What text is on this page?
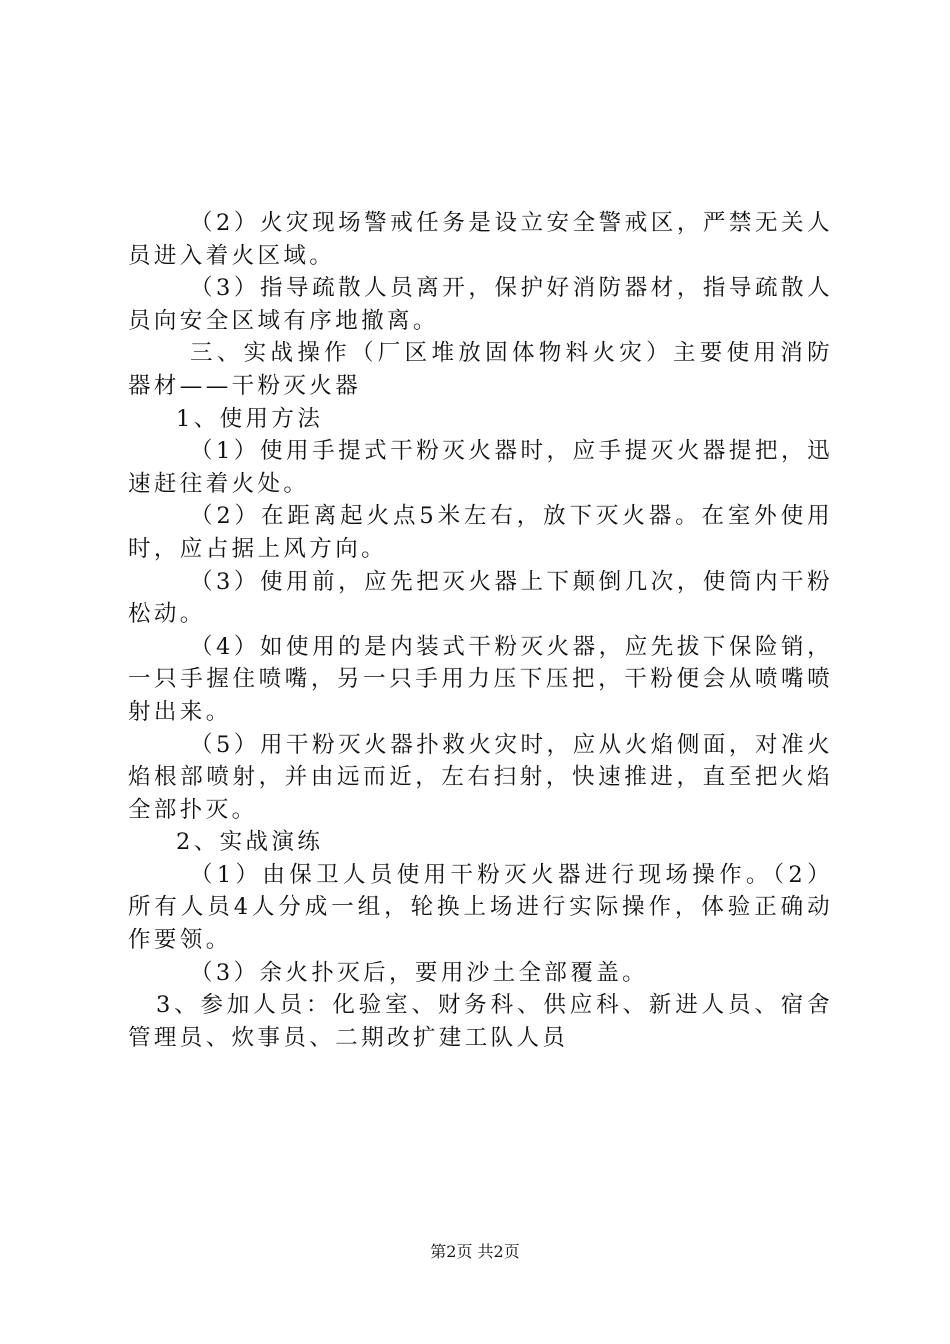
（2）火灾现场警戒任务是设立安全警戒区，严禁无关人员进入着火区域。

（3）指导疏散人员离开，保护好消防器材，指导疏散人员向安全区域有序地撤离。

三、实战操作（厂区堆放固体物料火灾）主要使用消防器材——干粉灭火器

1、使用方法

（1）使用手提式干粉灭火器时，应手提灭火器提把，迅速赶往着火处。

（2）在距离起火点5米左右，放下灭火器。在室外使用时，应占据上风方向。

（3）使用前，应先把灭火器上下颠倒几次，使筒内干粉松动。

（4）如使用的是内装式干粉灭火器，应先拔下保险销，一只手握住喷嘴，另一只手用力压下压把，干粉便会从喷嘴喷射出来。

（5）用干粉灭火器扑救火灾时，应从火焰侧面，对准火焰根部喷射，并由远而近，左右扫射，快速推进，直至把火焰全部扑灭。

2、实战演练

（1）由保卫人员使用干粉灭火器进行现场操作。（2）所有人员4人分成一组，轮换上场进行实际操作，体验正确动作要领。

（3）余火扑灭后，要用沙土全部覆盖。

3、参加人员：化验室、财务科、供应科、新进人员、宿舍管理员、炊事员、二期改扩建工队人员

第2页 共2页
